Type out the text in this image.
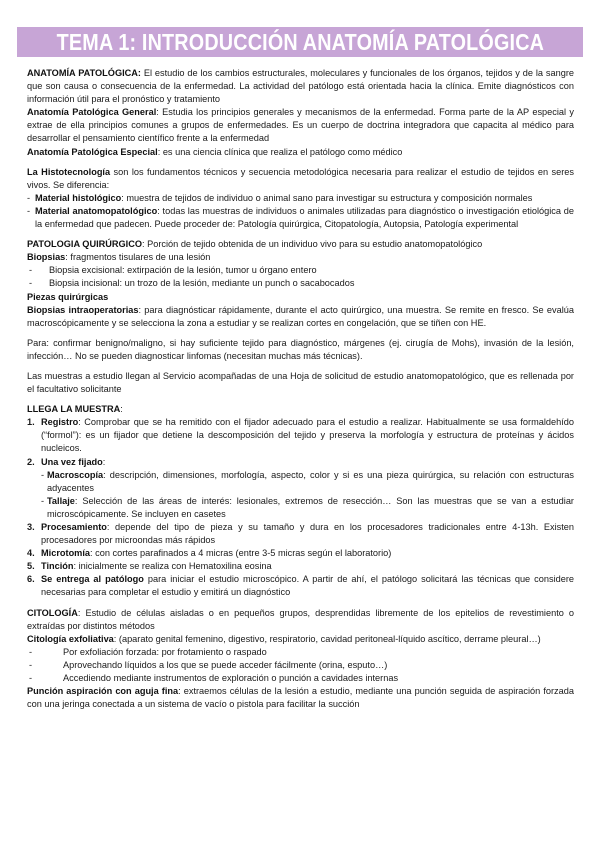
TEMA 1: INTRODUCCIÓN ANATOMÍA PATOLÓGICA

ANATOMÍA PATOLÓGICA: El estudio de los cambios estructurales, moleculares y funcionales de los órganos, tejidos y de la sangre que son causa o consecuencia de la enfermedad. La actividad del patólogo está orientada hacia la clínica. Emite diagnósticos con información útil para el pronóstico y tratamiento

Anatomía Patológica General: Estudia los principios generales y mecanismos de la enfermedad. Forma parte de la AP especial y extrae de ella principios comunes a grupos de enfermedades. Es un cuerpo de doctrina integradora que capacita al médico para desarrollar el pensamiento científico frente a la enfermedad

Anatomía Patológica Especial: es una ciencia clínica que realiza el patólogo como médico

La Histotecnología son los fundamentos técnicos y secuencia metodológica necesaria para realizar el estudio de tejidos en seres vivos. Se diferencia:

- Material histológico: muestra de tejidos de individuo o animal sano para investigar su estructura y composición normales
- Material anatomopatológico: todas las muestras de individuos o animales utilizadas para diagnóstico o investigación etiológica de la enfermedad que padecen. Puede proceder de: Patología quirúrgica, Citopatología, Autopsia, Patología experimental

PATOLOGIA QUIRÚRGICO: Porción de tejido obtenida de un individuo vivo para su estudio anatomopatológico

Biopsias: fragmentos tisulares de una lesión

-	Biopsia excisional: extirpación de la lesión, tumor u órgano entero
-	Biopsia incisional: un trozo de la lesión, mediante un punch o sacabocados

Piezas quirúrgicas

Biopsias intraoperatorias: para diagnósticar rápidamente, durante el acto quirúrgico, una muestra. Se remite en fresco. Se evalúa macroscópicamente y se selecciona la zona a estudiar y se realizan cortes en congelación, que se tiñen con HE.

Para: confirmar benigno/maligno, si hay suficiente tejido para diagnóstico, márgenes (ej. cirugía de Mohs), invasión de la lesión, infección… No se pueden diagnosticar linfomas (necesitan muchas más técnicas).

Las muestras a estudio llegan al Servicio acompañadas de una Hoja de solicitud de estudio anatomopatológico, que es rellenada por el facultativo solicitante

LLEGA LA MUESTRA:

1. Registro: Comprobar que se ha remitido con el fijador adecuado para el estudio a realizar. Habitualmente se usa formaldehído (“formol”): es un fijador que detiene la descomposición del tejido y preserva la morfología y estructura de proteínas y ácidos nucleicos.
2. Una vez fijado:
- Macroscopía: descripción, dimensiones, morfología, aspecto, color y si es una pieza quirúrgica, su relación con estructuras adyacentes
- Tallaje: Selección de las áreas de interés: lesionales, extremos de resección… Son las muestras que se van a estudiar microscópicamente. Se incluyen en casetes
3. Procesamiento: depende del tipo de pieza y su tamaño y dura en los procesadores tradicionales entre 4-13h. Existen procesadores por microondas más rápidos
4. Microtomía: con cortes parafinados a 4 micras (entre 3-5 micras según el laboratorio)
5. Tinción: inicialmente se realiza con Hematoxilina eosina
6. Se entrega al patólogo para iniciar el estudio microscópico. A partir de ahí, el patólogo solicitará las técnicas que considere necesarias para completar el estudio y emitirá un diagnóstico

CITOLOGÍA: Estudio de células aisladas o en pequeños grupos, desprendidas libremente de los epitelios de revestimiento o extraídas por distintos métodos

Citología exfoliativa: (aparato genital femenino, digestivo, respiratorio, cavidad peritoneal-líquido ascítico, derrame pleural…)

-	Por exfoliación forzada: por frotamiento o raspado
-	Aprovechando líquidos a los que se puede acceder fácilmente (orina, esputo…)
-	Accediendo mediante instrumentos de exploración o punción a cavidades internas

Punción aspiración con aguja fina: extraemos células de la lesión a estudio, mediante una punción seguida de aspiración forzada con una jeringa conectada a un sistema de vacío o pistola para facilitar la succión
